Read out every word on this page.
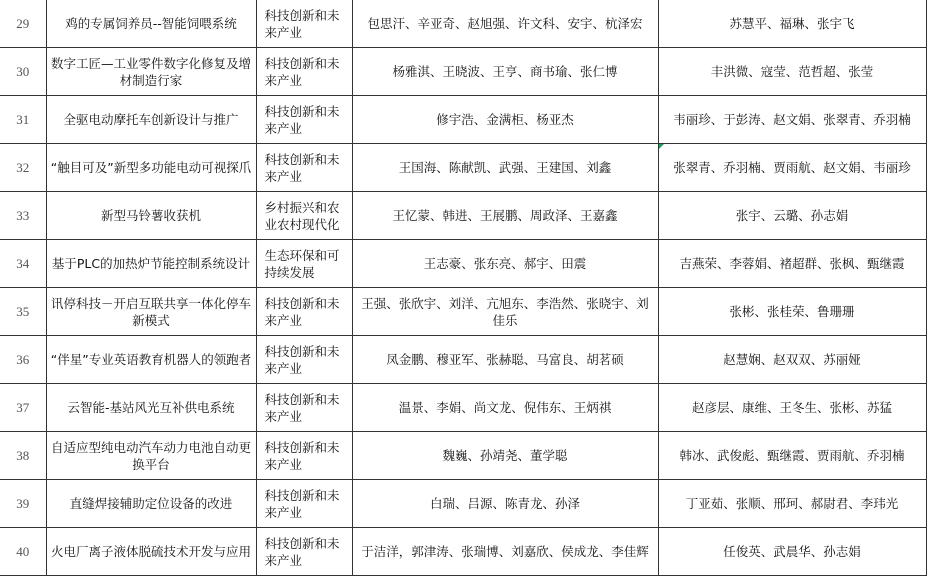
29	鸡的专属饲养员--智能饲喂系统	科技创新和未来产业	包思汗、辛亚奇、赵旭强、许文科、安宇、杭泽宏	苏慧平、福琳、张宇飞
30	数字工匠—工业零件数字化修复及增材制造行家	科技创新和未来产业	杨雅淇、王晓波、王亨、商书瑜、张仁博	丰洪微、寇莹、范哲超、张莹
31	全驱电动摩托车创新设计与推广	科技创新和未来产业	修宇浩、金满柜、杨亚杰	韦丽珍、于彭涛、赵文娟、张翠青、乔羽楠
32	“触目可及”新型多功能电动可视探爪	科技创新和未来产业	王国海、陈献凯、武强、王建国、刘鑫	张翠青、乔羽楠、贾雨航、赵文娟、韦丽珍
33	新型马铃薯收获机	乡村振兴和农业农村现代化	王忆蒙、韩进、王展鹏、周政泽、王嘉鑫	张宇、云璐、孙志娟
34	基于PLC的加热炉节能控制系统设计	生态环保和可持续发展	王志豪、张东亮、郝宇、田震	吉燕荣、李蓉娟、褚超群、张枫、甄继霞
35	讯停科技－开启互联共享一体化停车新模式	科技创新和未来产业	王强、张欣宇、刘洋、亢旭东、李浩然、张晓宇、刘佳乐	张彬、张桂荣、鲁珊珊
36	“伴星”专业英语教育机器人的领跑者	科技创新和未来产业	凤金鹏、穆亚军、张赫聪、马富良、胡茗硕	赵慧娴、赵双双、苏丽娅
37	云智能-基站风光互补供电系统	科技创新和未来产业	温景、李娟、尚文龙、倪伟东、王炳祺	赵彦层、康维、王冬生、张彬、苏猛
38	自适应型纯电动汽车动力电池自动更换平台	科技创新和未来产业	魏巍、孙靖尧、董学聪	韩冰、武俊彪、甄继霞、贾雨航、乔羽楠
39	直缝焊接辅助定位设备的改进	科技创新和未来产业	白瑞、吕源、陈青龙、孙泽	丁亚茹、张顺、邢珂、郝尉君、李玮光
40	火电厂离子液体脱硫技术开发与应用	科技创新和未来产业	于洁洋，郭津涛、张瑞博、刘嘉欣、侯成龙、李佳辉	任俊英、武晨华、孙志娟
